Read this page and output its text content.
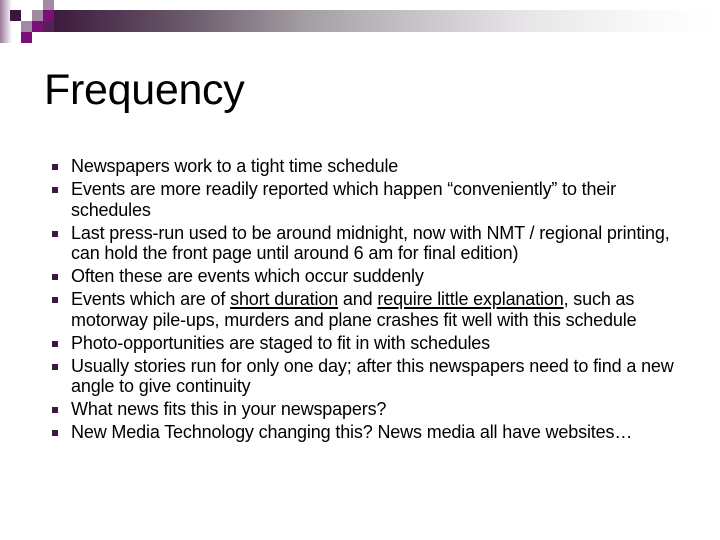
Frequency
Newspapers work to a tight time schedule
Events are more readily reported which happen “conveniently” to their schedules
Last press-run used to be around midnight, now with NMT / regional printing, can hold the front page until around 6 am for final edition)
Often these are events which occur suddenly
Events which are of short duration and require little explanation, such as motorway pile-ups, murders and plane crashes fit well with this schedule
Photo-opportunities are staged to fit in with schedules
Usually stories run for only one day; after this newspapers need to find a new angle to give continuity
What news fits this in your newspapers?
New Media Technology changing this? News media all have websites…
